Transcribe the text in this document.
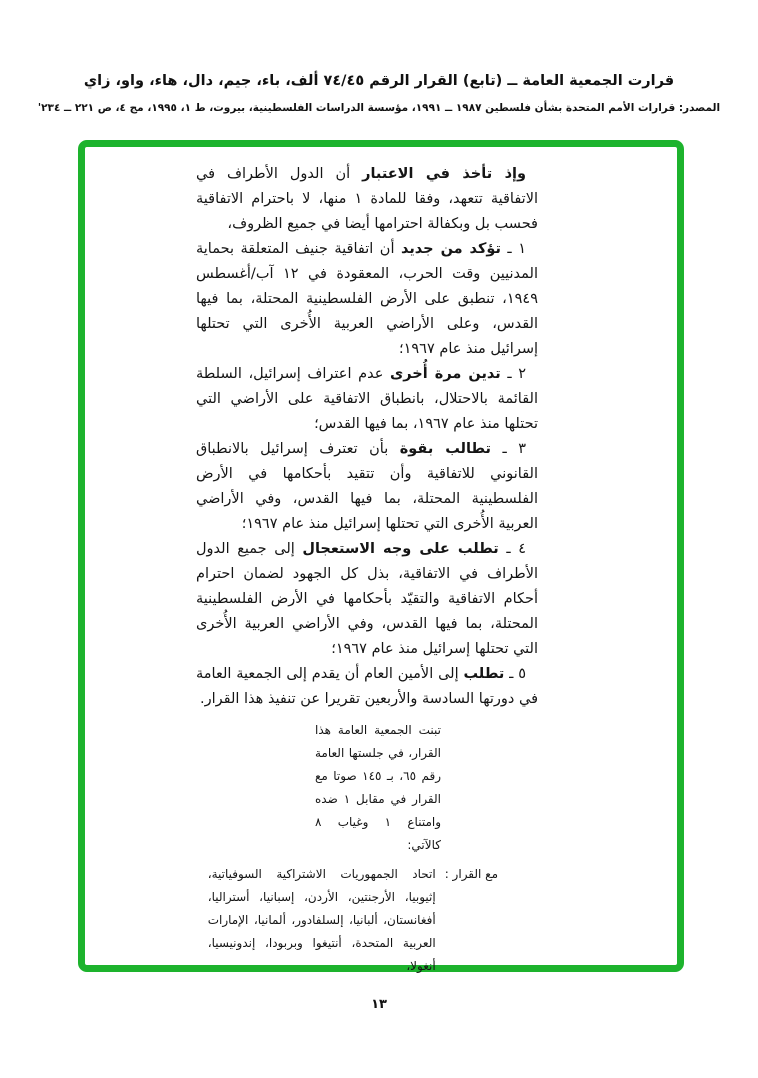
قرارت الجمعية العامة ــ (تابع) القرار الرقم ٧٤/٤٥ ألف، باء، جيم، دال، هاء، واو، زاي
المصدر: قرارات الأمم المتحدة بشأن فلسطين ١٩٨٧ ــ ١٩٩١، مؤسسة الدراسات الفلسطينية، بيروت، ط ١، ١٩٩٥، مج ٤، ص ٢٢١ ــ ٢٣٤'

وإذ تأخذ في الاعتبار أن الدول الأطراف في الاتفاقية تتعهد، وفقا للمادة ١ منها، لا باحترام الاتفاقية فحسب بل وبكفالة احترامها أيضا في جميع الظروف،

١ ـ تؤكد من جديد أن اتفاقية جنيف المتعلقة بحماية المدنيين وقت الحرب، المعقودة في ١٢ آب/أغسطس ١٩٤٩، تنطبق على الأرض الفلسطينية المحتلة، بما فيها القدس، وعلى الأراضي العربية الأُخرى التي تحتلها إسرائيل منذ عام ١٩٦٧؛

٢ ـ تدين مرة أُخرى عدم اعتراف إسرائيل، السلطة القائمة بالاحتلال، بانطباق الاتفاقية على الأراضي التي تحتلها منذ عام ١٩٦٧، بما فيها القدس؛

٣ ـ تطالب بقوة بأن تعترف إسرائيل بالانطباق القانوني للاتفاقية وأن تتقيد بأحكامها في الأرض الفلسطينية المحتلة، بما فيها القدس، وفي الأراضي العربية الأُخرى التي تحتلها إسرائيل منذ عام ١٩٦٧؛

٤ ـ تطلب على وجه الاستعجال إلى جميع الدول الأطراف في الاتفاقية، بذل كل الجهود لضمان احترام أحكام الاتفاقية والتقيّد بأحكامها في الأرض الفلسطينية المحتلة، بما فيها القدس، وفي الأراضي العربية الأُخرى التي تحتلها إسرائيل منذ عام ١٩٦٧؛

٥ ـ تطلب إلى الأمين العام أن يقدم إلى الجمعية العامة في دورتها السادسة والأربعين تقريرا عن تنفيذ هذا القرار.

تبنت الجمعية العامة هذا القرار، في جلستها العامة رقم ٦٥، بـ ١٤٥ صوتا مع القرار في مقابل ١ ضده وامتناع ١ وغياب ٨ كالآتي:
مع القرار :
اتحاد الجمهوريات الاشتراكية السوفياتية، إثيوبيا، الأرجنتين، الأردن، إسبانيا، أستراليا، أفغانستان، ألبانيا، إلسلفادور، ألمانيا، الإمارات العربية المتحدة، أنتيغوا وبربودا، إندونيسيا، أنغولا،
١٣
